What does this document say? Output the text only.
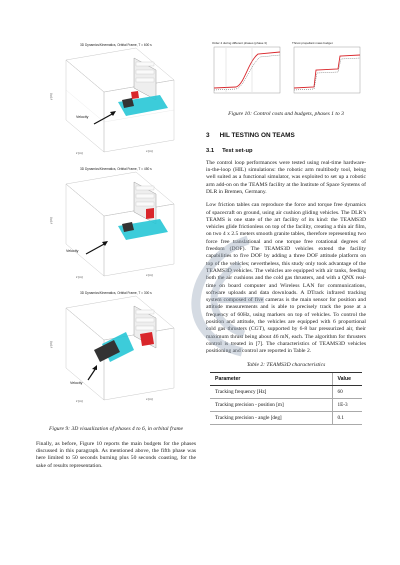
3D Dynamics/Kinematics, Orbital Frame, T = 600 s
Velocity
y [m]
z [m]	x [m]
3D Dynamics/Kinematics, Orbital Frame, T = 450 s
Velocity
y [m]
z [m]	x [m]
3D Dynamics/Kinematics, Orbital Frame, T = 300 s
Velocity
y [m]
z [m]	x [m]
Figure 9: 3D visualization of phases 4 to 6, in orbital frame
Finally, as before, Figure 10 reports the main budgets for the phases discussed in this paragraph. As mentioned above, the fifth phase was here limited to 50 seconds burning plus 50 seconds coasting, for the sake of results representation.
Order 4 during different phases (phase 3)	Thrust propellant mass budget
Figure 10: Control costs and budgets, phases 1 to 3
3 HIL TESTING ON TEAMS
3.1 Test set-up
The control loop performances were tested using real-time hardware-in-the-loop (HIL) simulations: the robotic arm multibody tool, being well suited as a functional simulator, was exploited to set up a robotic arm add-on on the TEAMS facility at the Institute of Space Systems of DLR in Bremen, Germany.
Low friction tables can reproduce the force and torque free dynamics of spacecraft on ground, using air cushion gliding vehicles. The DLR’s TEAMS is one state of the art facility of its kind: the TEAMS3D vehicles glide frictionless on top of the facility, creating a thin air film, on two 4 x 2.5 meters smooth granite tables, therefore representing two force free translational and one torque free rotational degrees of freedom (DOF). The TEAMS3D vehicles extend the facility capabilities to five DOF by adding a three DOF attitude platform on top of the vehicles; nevertheless, this study only took advantage of the TEAMS3D vehicles. The vehicles are equipped with air tanks, feeding both the air cushions and the cold gas thrusters, and with a QNX real-time on board computer and Wireless LAN for communications, software uploads and data downloads. A DTrack infrared tracking system composed of five cameras is the main sensor for position and attitude measurements and is able to precisely track the pose at a frequency of 60Hz, using markers on top of vehicles. To control the position and attitude, the vehicles are equipped with 6 proportional cold gas thrusters (CGT), supported by 6-8 bar pressurized air, their maximum thrust being about 46 mN, each. The algorithm for thrusters control is treated in [7]. The characteristics of TEAMS3D vehicles positioning and control are reported in Table 2.
Table 2: TEAMS3D characteristics
Parameter	Value
Tracking frequency [Hz]	60
Tracking precision - position [m]	1E-3
Tracking precision - angle [deg]	0.1
